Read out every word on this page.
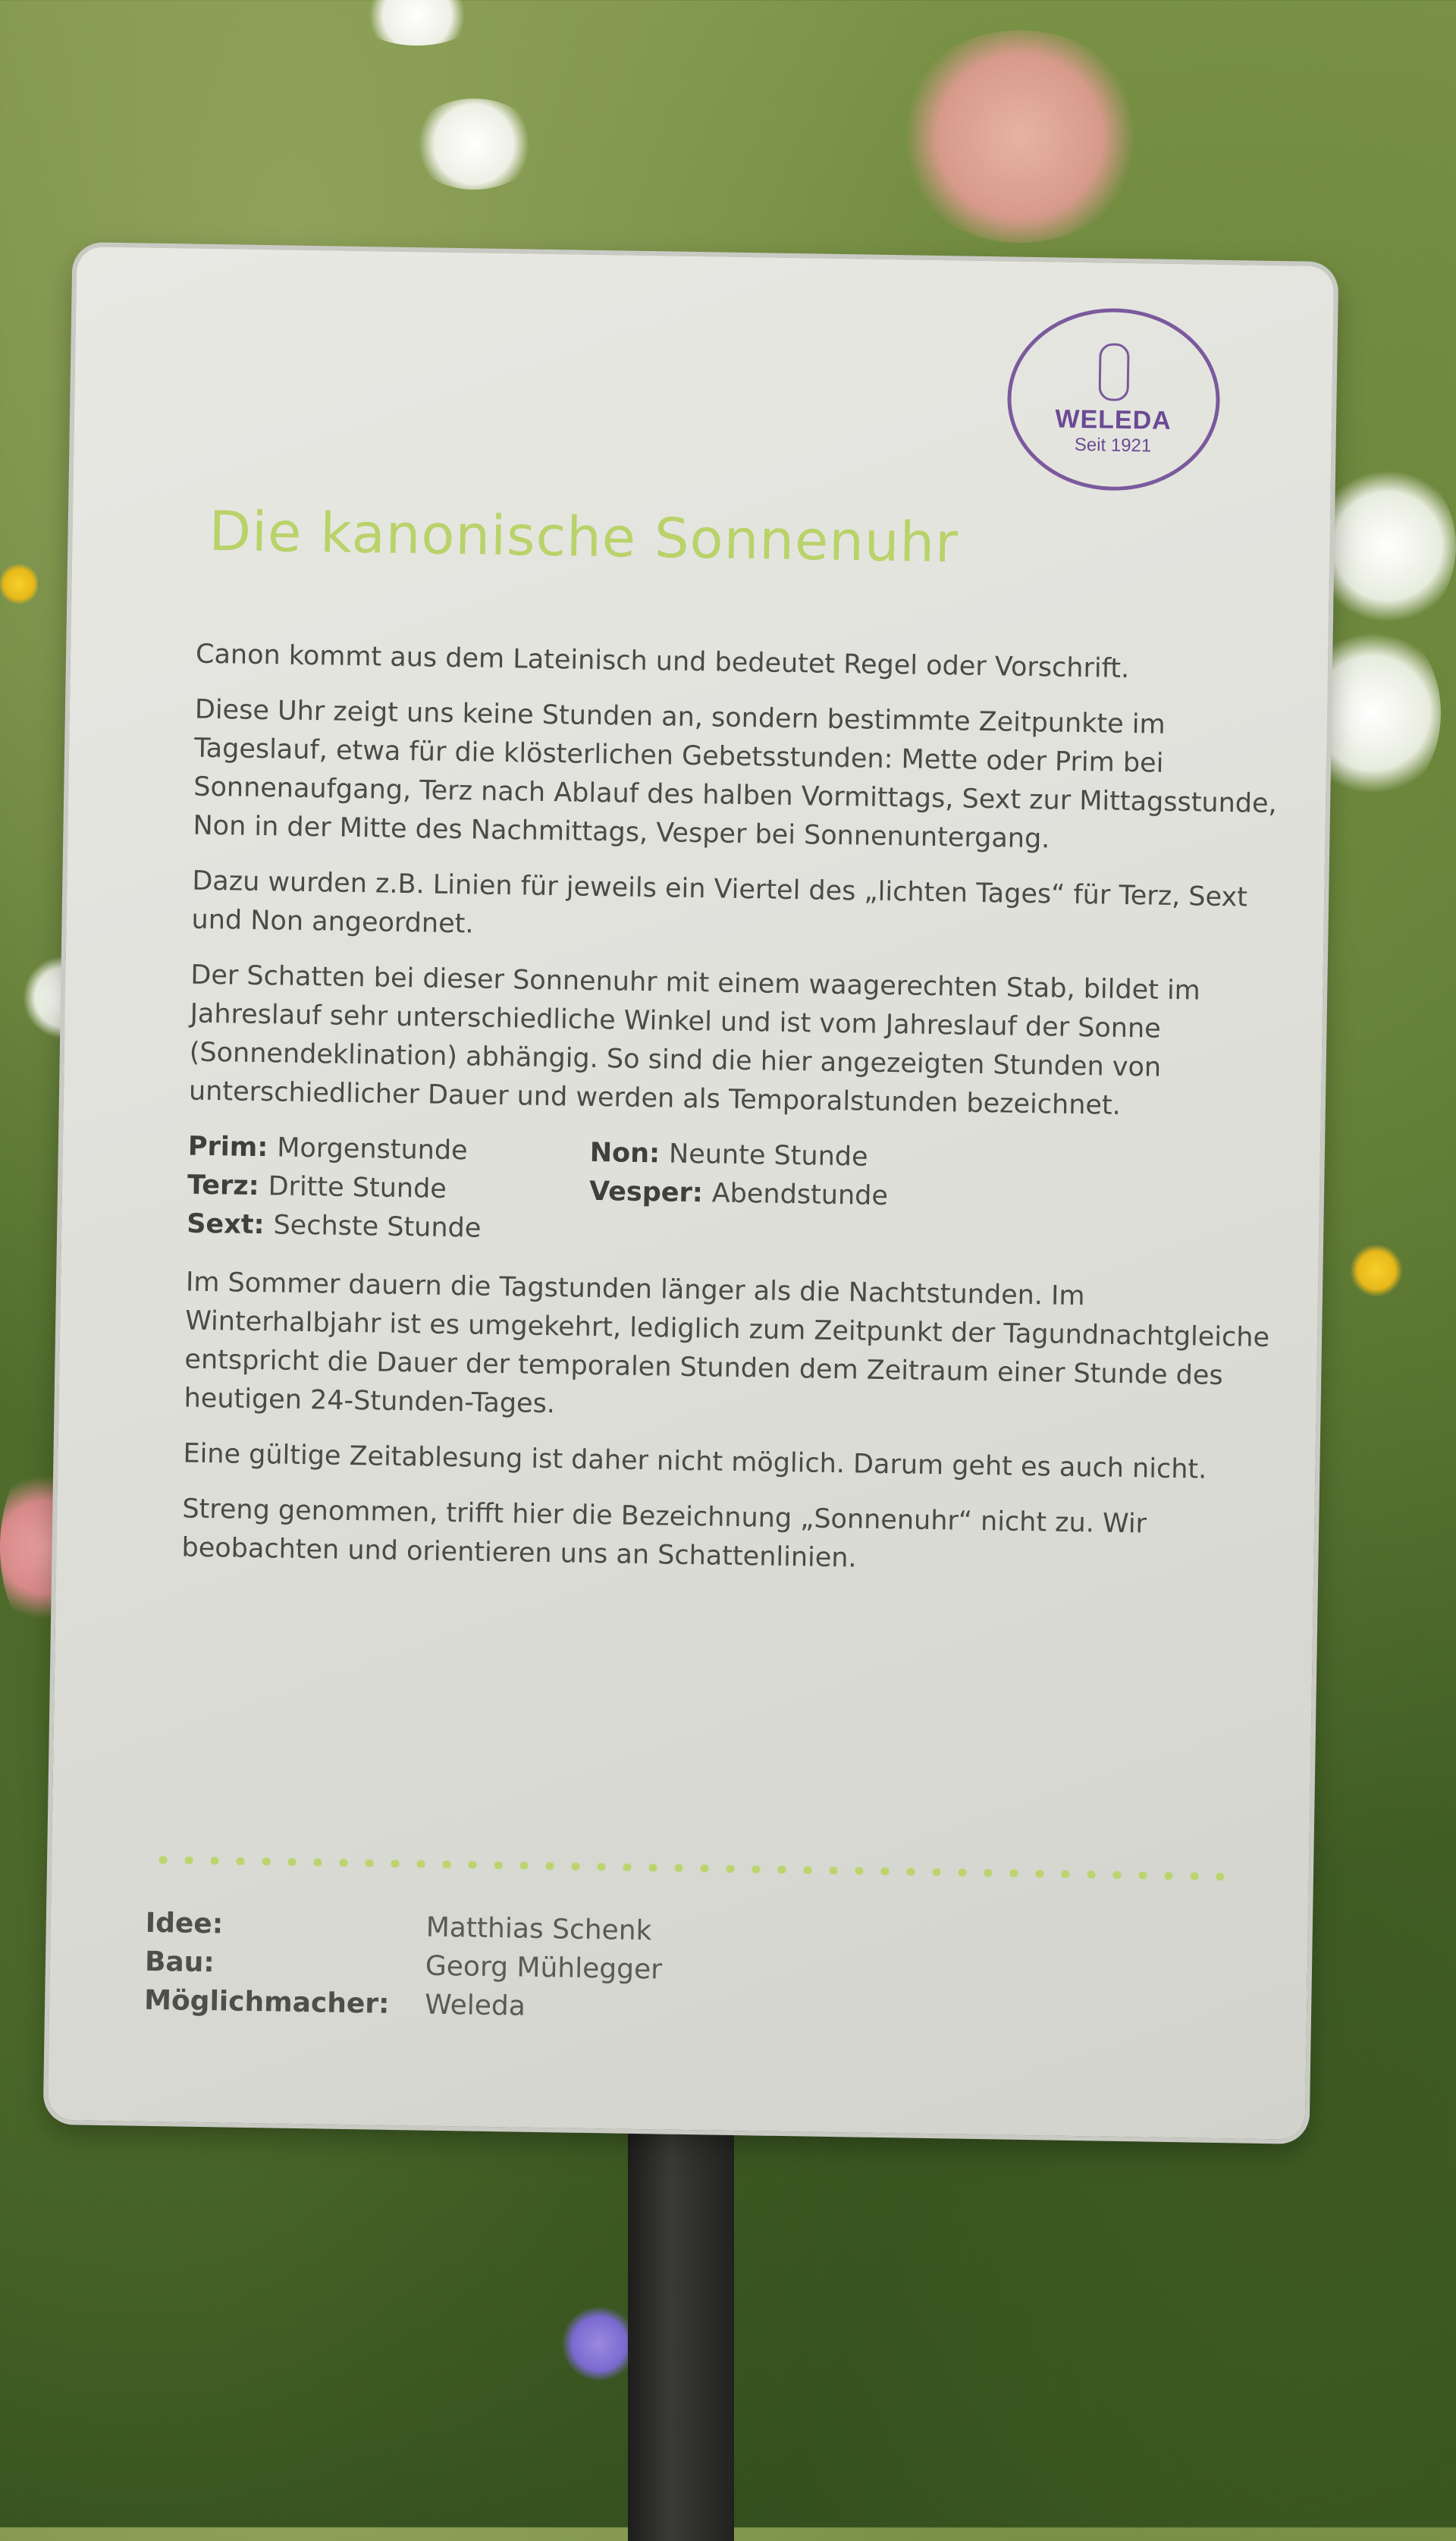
WELEDA
Seit 1921
Die kanonische Sonnenuhr

Canon kommt aus dem Lateinisch und bedeutet Regel oder Vorschrift.

Diese Uhr zeigt uns keine Stunden an, sondern bestimmte Zeitpunkte im Tageslauf, etwa für die klösterlichen Gebetsstunden: Mette oder Prim bei Sonnenaufgang, Terz nach Ablauf des halben Vormittags, Sext zur Mittagsstunde, Non in der Mitte des Nachmittags, Vesper bei Sonnenuntergang.

Dazu wurden z.B. Linien für jeweils ein Viertel des „lichten Tages“ für Terz, Sext und Non angeordnet.

Der Schatten bei dieser Sonnenuhr mit einem waagerechten Stab, bildet im Jahreslauf sehr unterschiedliche Winkel und ist vom Jahreslauf der Sonne (Sonnendeklination) abhängig. So sind die hier angezeigten Stunden von unterschiedlicher Dauer und werden als Temporalstunden bezeichnet.

Prim: Morgenstunde	Non: Neunte Stunde
Terz: Dritte Stunde	Vesper: Abendstunde
Sext: Sechste Stunde

Im Sommer dauern die Tagstunden länger als die Nachtstunden. Im Winterhalbjahr ist es umgekehrt, lediglich zum Zeitpunkt der Tagundnachtgleiche entspricht die Dauer der temporalen Stunden dem Zeitraum einer Stunde des heutigen 24-Stunden-Tages.

Eine gültige Zeitablesung ist daher nicht möglich. Darum geht es auch nicht.

Streng genommen, trifft hier die Bezeichnung „Sonnenuhr“ nicht zu. Wir beobachten und orientieren uns an Schattenlinien.

Idee:	Matthias Schenk
Bau:	Georg Mühlegger
Möglichmacher:	Weleda
